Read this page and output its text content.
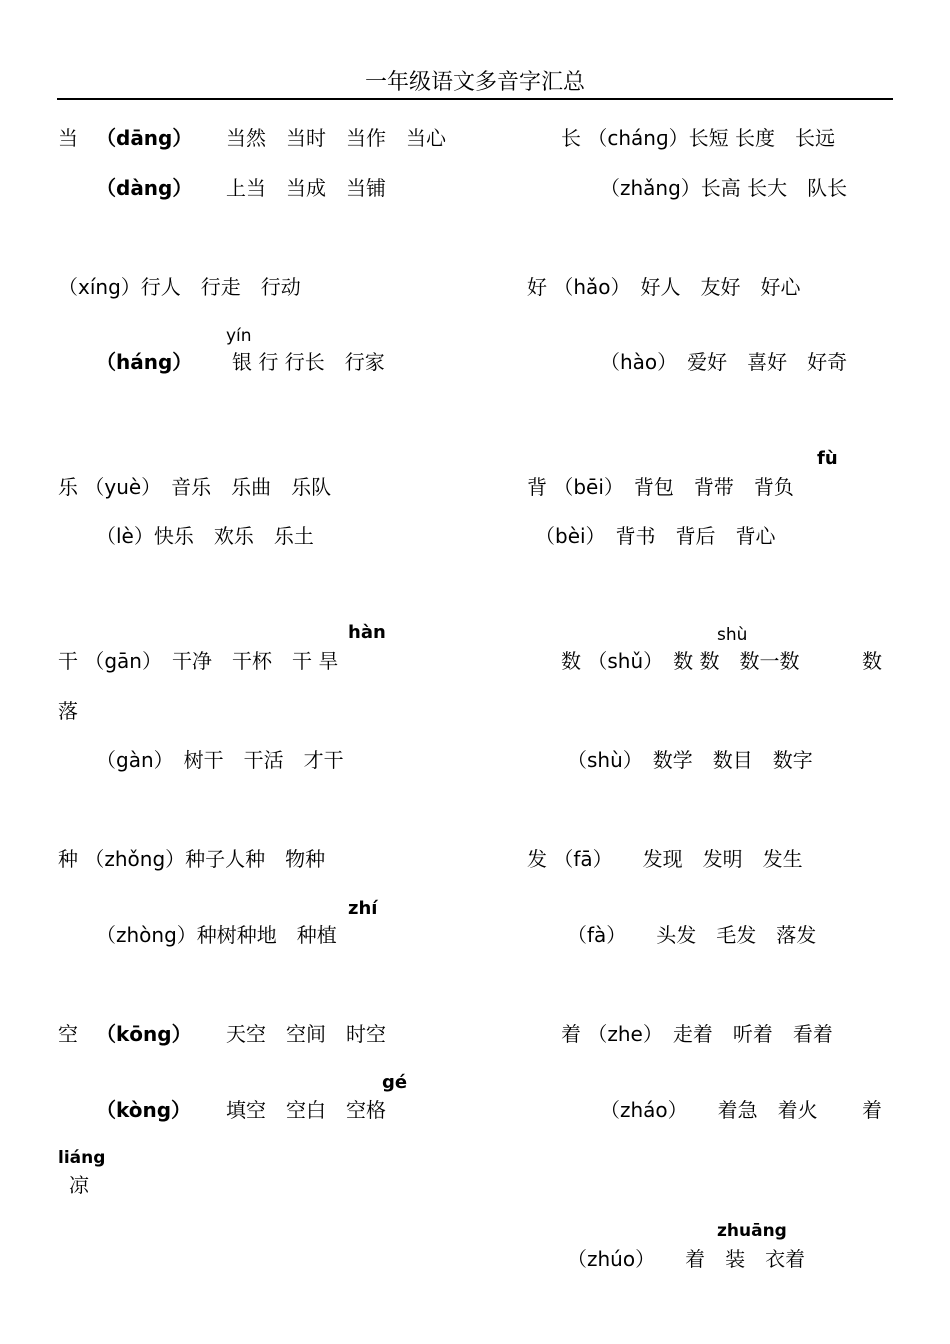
一年级语文多音字汇总
当 （dāng） 当然　当时　当作　当心
（dàng） 上当　当成　当铺
（xíng）行人　行走　行动
yín
（háng） 银 行 行长　行家
乐 （yuè）　音乐　乐曲　乐队
（lè）快乐　欢乐　乐土
hàn
干 （gān）　干净　干杯　干 旱
落
（gàn）　树干　干活　才干
种 （zhǒng）种子人种　物种
zhí
（zhòng）种树种地　种植
空 （kōng） 天空　空间　时空
gé
（kòng） 填空　空白　空格
liáng
凉
长 （chánɡ）长短 长度　长远
（zhǎng）长高 长大　队长
好 （hǎo）　好人　友好　好心
（hào）　爱好　喜好　好奇
fù
背 （bēi）　背包　背带　背负
（bèi）　背书　背后　背心
shù
数 （shǔ）　数 数　数一数	数
（shù）　数学　数目　数字
发 （fā）　　发现　发明　发生
（fà）　　头发　毛发　落发
着 （zhe）　走着　听着　看着
（zháo）　　着急　着火 着
zhuāng
（zhúo）　　着　装　衣着
